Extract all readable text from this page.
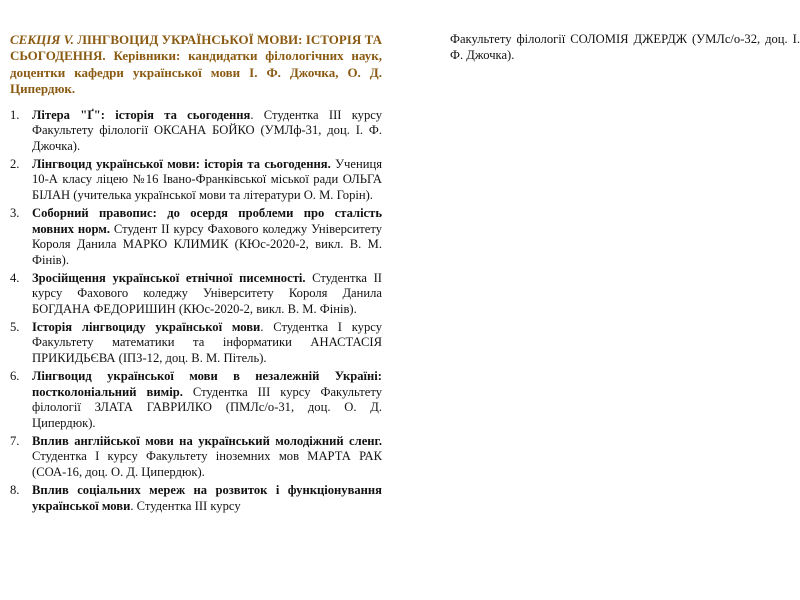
СЕКЦІЯ V. ЛІНГВОЦИД УКРАЇНСЬКОЇ МОВИ: ІСТОРІЯ ТА СЬОГОДЕННЯ. Керівники: кандидатки філологічних наук, доцентки кафедри української мови І. Ф. Джочка, О. Д. Ципердюк.

1. Літера "Ґ": історія та сьогодення. Студентка ІІІ курсу Факультету філології ОКСАНА БОЙКО (УМЛф-31, доц. І. Ф. Джочка).
2. Лінгвоцид української мови: історія та сьогодення. Учениця 10-А класу ліцею №16 Івано-Франківської міської ради ОЛЬГА БІЛАН (учителька української мови та літератури О. М. Горін).
3. Соборний правопис: до осердя проблеми про сталість мовних норм. Студент ІІ курсу Фахового коледжу Університету Короля Данила МАРКО КЛИМИК (КЮс-2020-2, викл. В. М. Фінів).
4. Зросійщення української етнічної писемності. Студентка ІІ курсу Фахового коледжу Університету Короля Данила БОГДАНА ФЕДОРИШИН (КЮс-2020-2, викл. В. М. Фінів).
5. Історія лінгвоциду української мови. Студентка І курсу Факультету математики та інформатики АНАСТАСІЯ ПРИКИДЬЄВА (ІПЗ-12, доц. В. М. Пітель).
6. Лінгвоцид української мови в незалежній Україні: постколоніальний вимір. Студентка ІІІ курсу Факультету філології ЗЛАТА ГАВРИЛКО (ПМЛс/о-31, доц. О. Д. Ципердюк).
7. Вплив англійської мови на український молодіжний сленг. Студентка І курсу Факультету іноземних мов МАРТА РАК (СОА-16, доц. О. Д. Ципердюк).
8. Вплив соціальних мереж на розвиток і функціонування української мови. Студентка ІІІ курсу

Факультету філології СОЛОМІЯ ДЖЕРДЖ (УМЛс/о-32, доц. І. Ф. Джочка).
